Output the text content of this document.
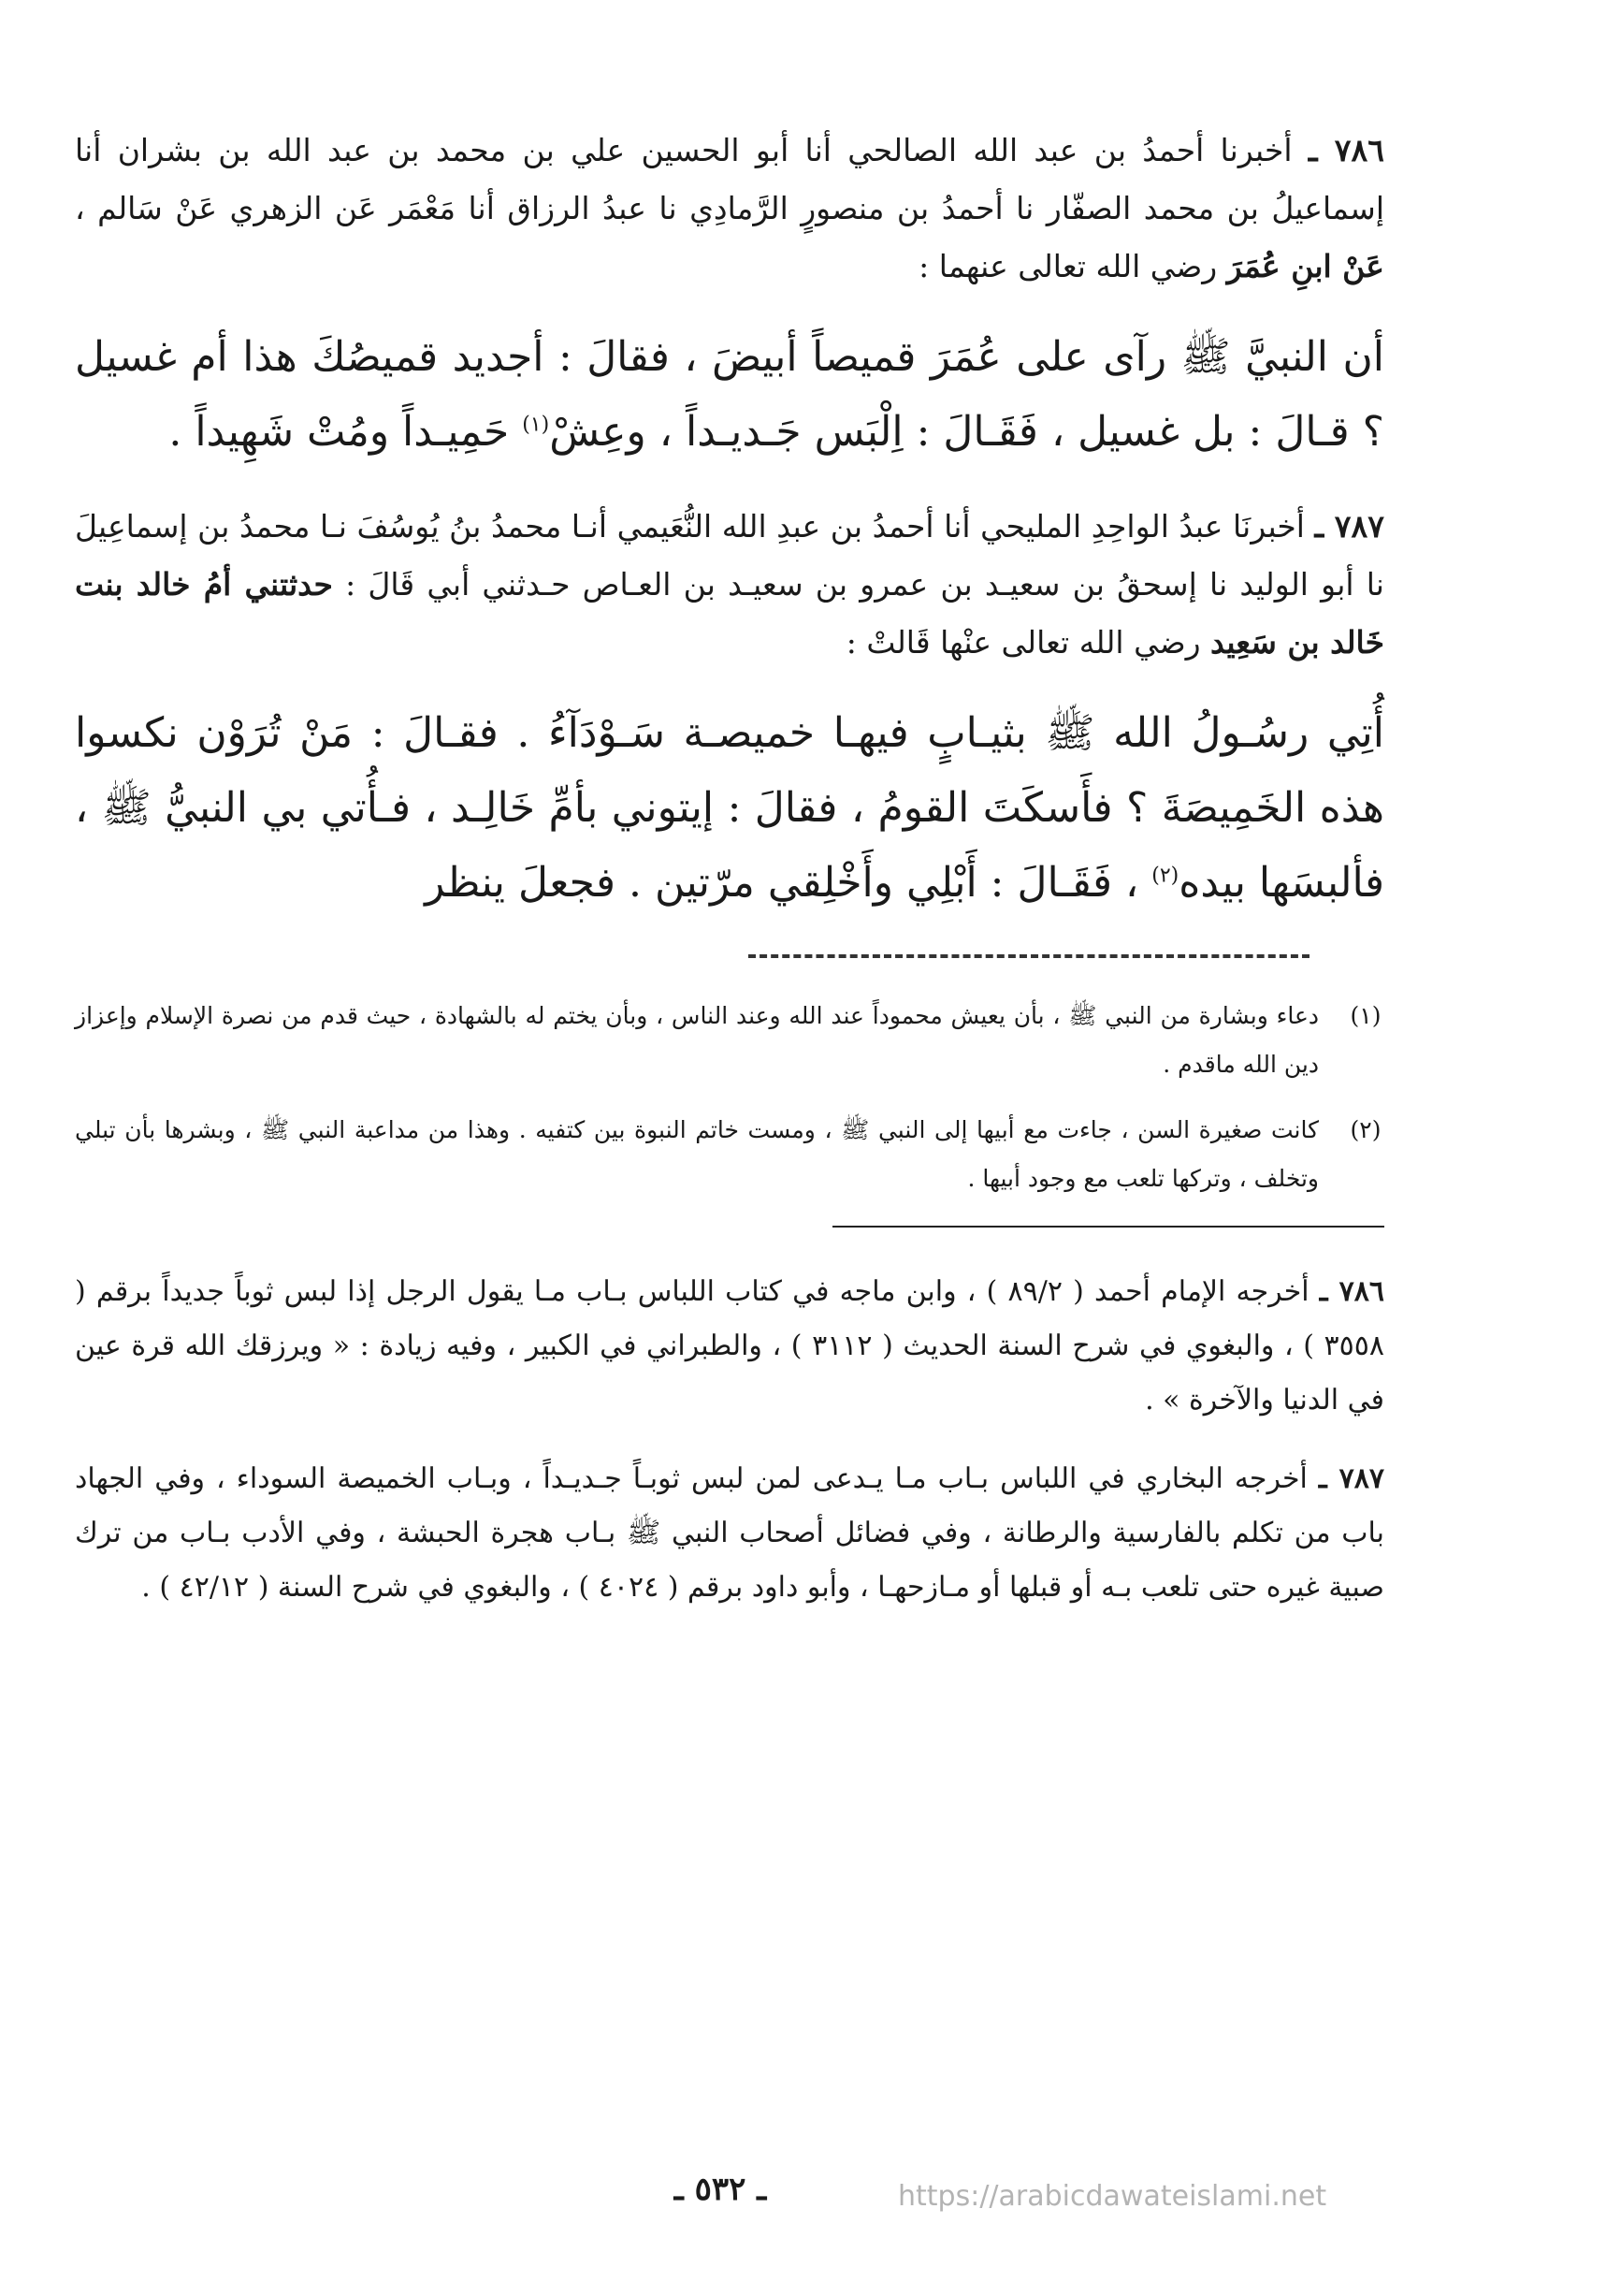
٧٨٦ ـ أخبرنا أحمدُ بن عبد الله الصالحي أنا أبو الحسين علي بن محمد بن عبد الله بن بشران أنا إسماعيلُ بن محمد الصفّار نا أحمدُ بن منصورٍ الرَّمادِي نا عبدُ الرزاق أنا مَعْمَر عَن الزهري عَنْ سَالم ، عَنْ ابنِ عُمَرَ رضي الله تعالى عنهما :

أن النبيَّ ﷺ رآى على عُمَرَ قميصاً أبيضَ ، فقالَ : أجديد قميصُكَ هذا أم غسيل ؟ قـالَ : بل غسيل ، فَقَـالَ : اِلْبَس جَـديـداً ، وعِشْ$^{(١)}$ حَمِيـداً ومُتْ شَهِيداً .

٧٨٧ ـ أخبرنَا عبدُ الواحِدِ المليحي أنا أحمدُ بن عبدِ الله النُّعَيمي أنـا محمدُ بنُ يُوسُفَ نـا محمدُ بن إسماعِيلَ نا أبو الوليد نا إسحقُ بن سعيـد بن عمرو بن سعيـد بن العـاص حـدثني أبي قَالَ : حدثتني أمُ خالد بنت خَالد بن سَعِيد رضي الله تعالى عنْها قَالتْ :

أُتِي رسُـولُ الله ﷺ بثيـابٍ فيهـا خميصـة سَـوْدَآءُ . فقـالَ : مَنْ تُرَوْن نكسوا هذه الخَمِيصَةَ ؟ فأَسكَتَ القومُ ، فقالَ : إيتوني بأمِّ خَالِـد ، فـأُتي بي النبيُّ ﷺ ، فألبسَها بيده$^{(٢)}$ ، فَقَـالَ : أَبْلِي وأَخْلِقي مرّتين . فجعلَ ينظر

(١)
دعاء وبشارة من النبي ﷺ ، بأن يعيش محموداً عند الله وعند الناس ، وبأن يختم له بالشهادة ، حيث قدم من نصرة الإسلام وإعزاز دين الله ماقدم .
(٢)
كانت صغيرة السن ، جاءت مع أبيها إلى النبي ﷺ ، ومست خاتم النبوة بين كتفيه . وهذا من مداعبة النبي ﷺ ، وبشرها بأن تبلي وتخلف ، وتركها تلعب مع وجود أبيها .

٧٨٦ ـ أخرجه الإمام أحمد ( ٨٩/٢ ) ، وابن ماجه في كتاب اللباس بـاب مـا يقول الرجل إذا لبس ثوباً جديداً برقم ( ٣٥٥٨ ) ، والبغوي في شرح السنة الحديث ( ٣١١٢ ) ، والطبراني في الكبير ، وفيه زيادة : « ويرزقك الله قرة عين في الدنيا والآخرة » .

٧٨٧ ـ أخرجه البخاري في اللباس بـاب مـا يـدعى لمن لبس ثوبـاً جـديـداً ، وبـاب الخميصة السوداء ، وفي الجهاد باب من تكلم بالفارسية والرطانة ، وفي فضائل أصحاب النبي ﷺ بـاب هجرة الحبشة ، وفي الأدب بـاب من ترك صبية غيره حتى تلعب بـه أو قبلها أو مـازحهـا ، وأبو داود برقم ( ٤٠٢٤ ) ، والبغوي في شرح السنة ( ٤٢/١٢ ) .

ـ ٥٣٢ ـ	https://arabicdawateislami.net
